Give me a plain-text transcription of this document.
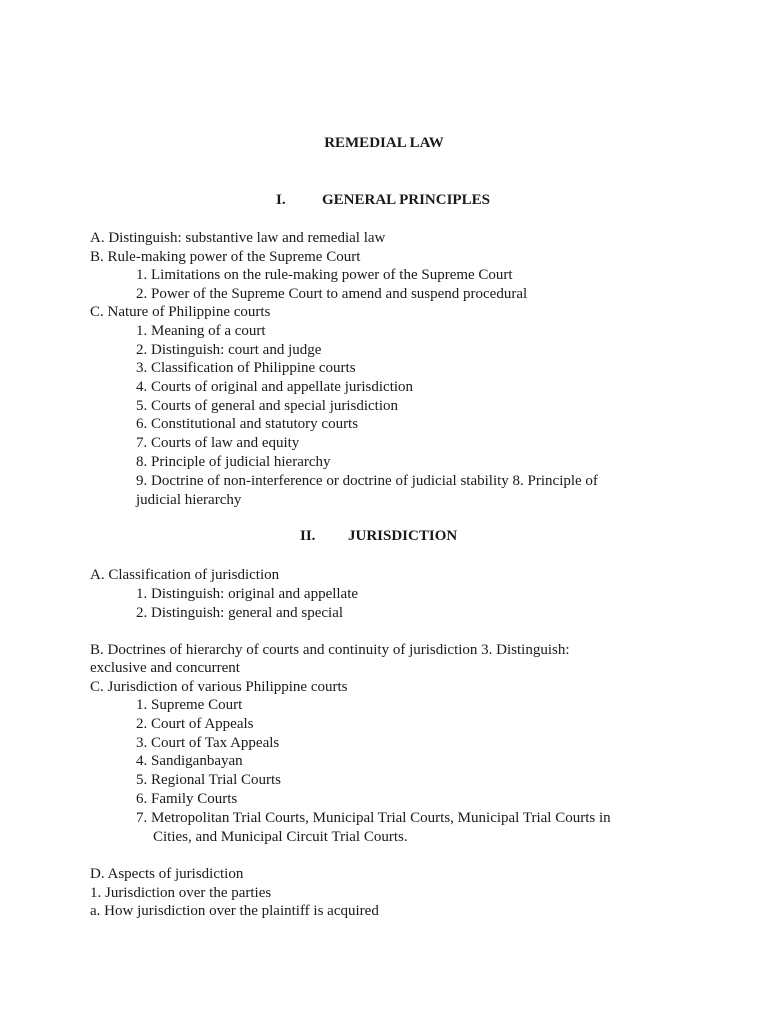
REMEDIAL LAW
I. GENERAL PRINCIPLES
A. Distinguish: substantive law and remedial law
B. Rule-making power of the Supreme Court
1. Limitations on the rule-making power of the Supreme Court
2. Power of the Supreme Court to amend and suspend procedural
C. Nature of Philippine courts
1. Meaning of a court
2. Distinguish: court and judge
3. Classification of Philippine courts
4. Courts of original and appellate jurisdiction
5. Courts of general and special jurisdiction
6. Constitutional and statutory courts
7. Courts of law and equity
8. Principle of judicial hierarchy
9. Doctrine of non-interference or doctrine of judicial stability 8. Principle of
judicial hierarchy
II. JURISDICTION
A. Classification of jurisdiction
1. Distinguish: original and appellate
2. Distinguish: general and special
B. Doctrines of hierarchy of courts and continuity of jurisdiction 3. Distinguish:
exclusive and concurrent
C. Jurisdiction of various Philippine courts
1. Supreme Court
2. Court of Appeals
3. Court of Tax Appeals
4. Sandiganbayan
5. Regional Trial Courts
6. Family Courts
7. Metropolitan Trial Courts, Municipal Trial Courts, Municipal Trial Courts in
Cities, and Municipal Circuit Trial Courts.
D. Aspects of jurisdiction
1. Jurisdiction over the parties
a. How jurisdiction over the plaintiff is acquired
